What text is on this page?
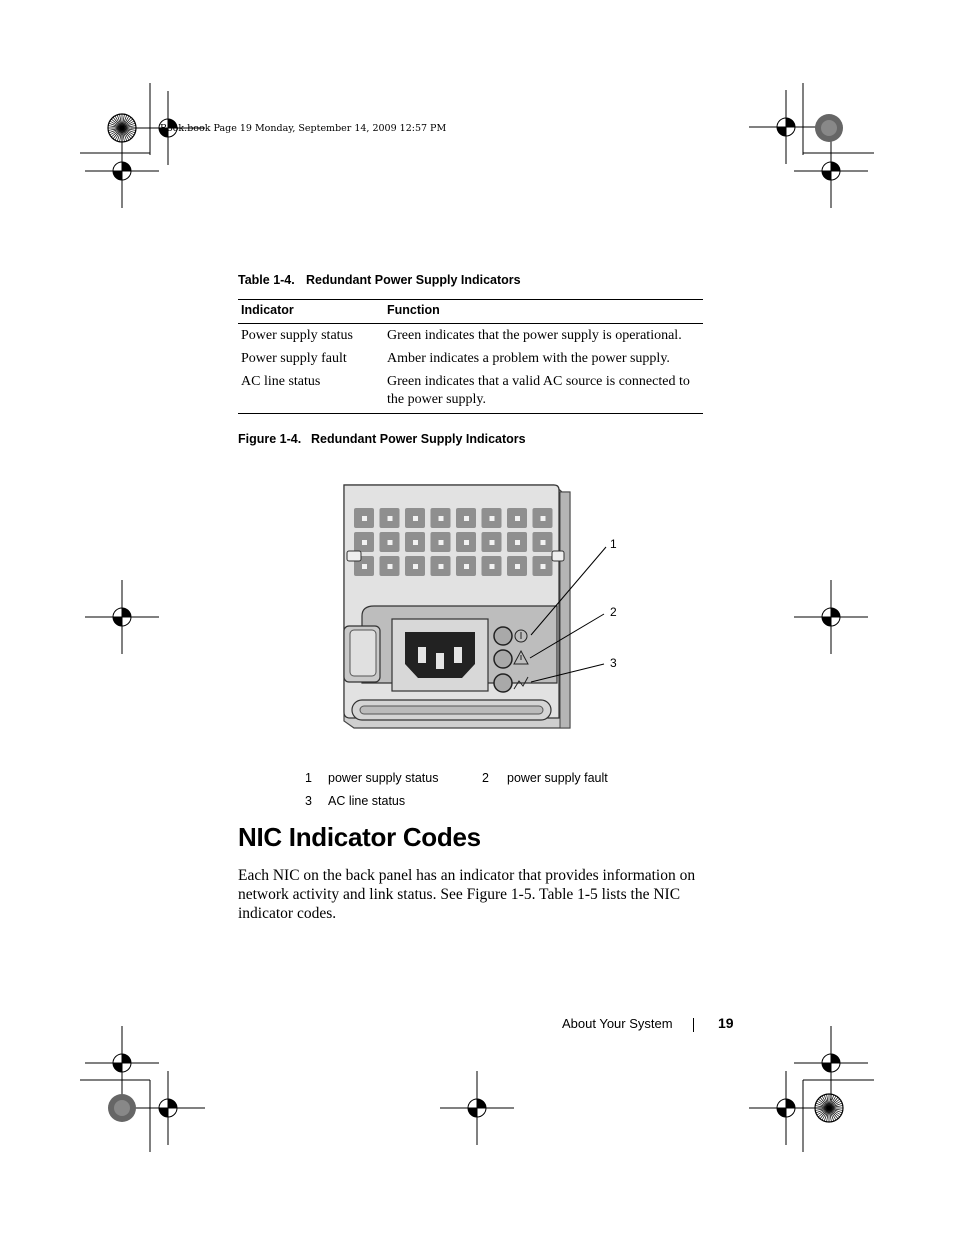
Book.book Page 19 Monday, September 14, 2009 12:57 PM
Table 1-4. Redundant Power Supply Indicators
Indicator	Function
Power supply status	Green indicates that the power supply is operational.
Power supply fault	Amber indicates a problem with the power supply.
AC line status	Green indicates that a valid AC source is connected to the power supply.
Figure 1-4. Redundant Power Supply Indicators
1
2
3
1 power supply status	2 power supply fault
3 AC line status
NIC Indicator Codes
Each NIC on the back panel has an indicator that provides information on network activity and link status. See Figure 1-5. Table 1-5 lists the NIC indicator codes.
About Your System	19
